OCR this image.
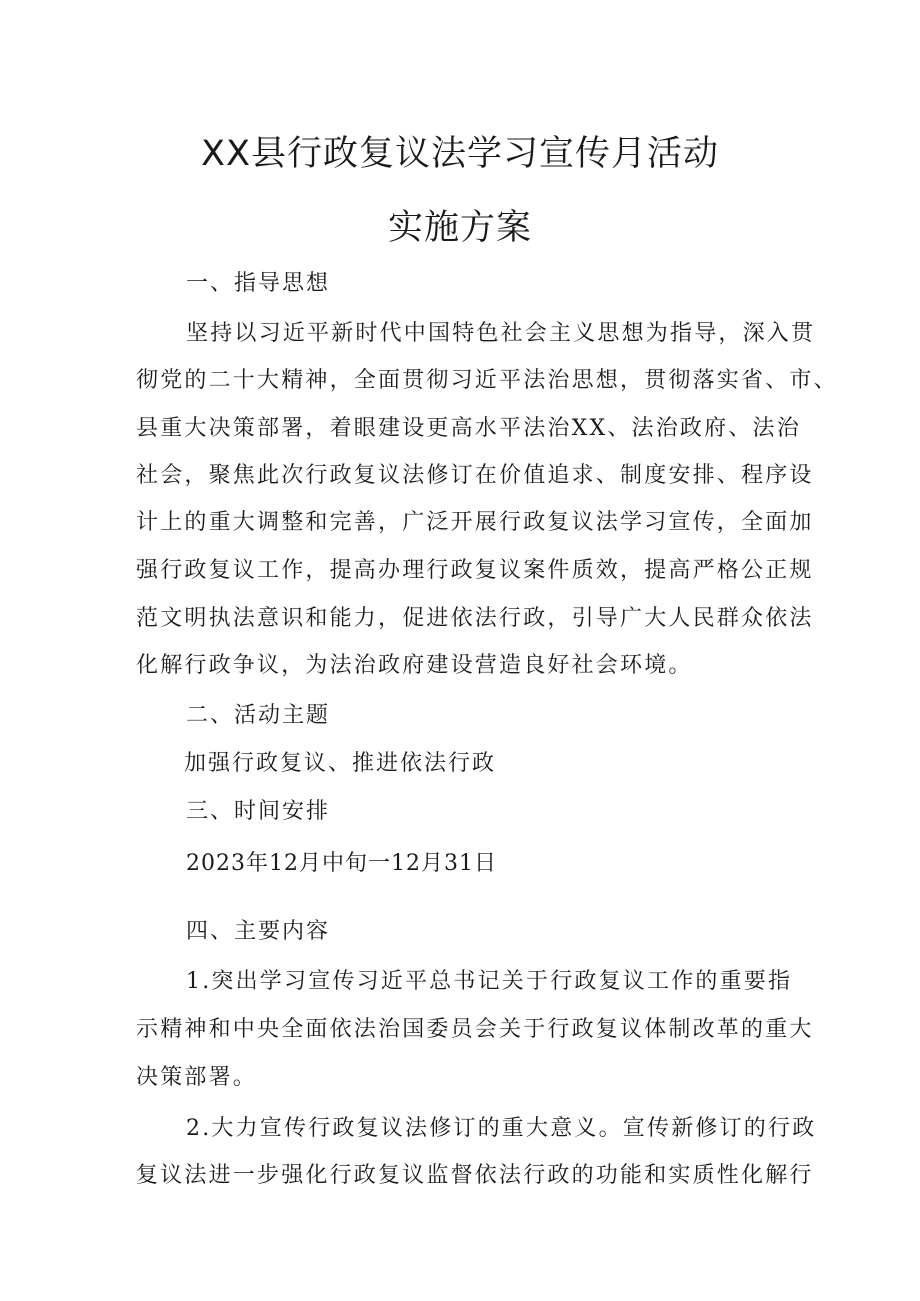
XX县行政复议法学习宣传月活动
实施方案
一、指导思想

坚持以习近平新时代中国特色社会主义思想为指导，深入贯

彻党的二十大精神，全面贯彻习近平法治思想，贯彻落实省、市、

县重大决策部署，着眼建设更高水平法治XX、法治政府、法治

社会，聚焦此次行政复议法修订在价值追求、制度安排、程序设

计上的重大调整和完善，广泛开展行政复议法学习宣传，全面加

强行政复议工作，提高办理行政复议案件质效，提高严格公正规

范文明执法意识和能力，促进依法行政，引导广大人民群众依法

化解行政争议，为法治政府建设营造良好社会环境。

二、活动主题

加强行政复议、推进依法行政

三、时间安排

2023年12月中旬一12月31日

四、主要内容

1.突出学习宣传习近平总书记关于行政复议工作的重要指

示精神和中央全面依法治国委员会关于行政复议体制改革的重大

决策部署。

2.大力宣传行政复议法修订的重大意义。宣传新修订的行政

复议法进一步强化行政复议监督依法行政的功能和实质性化解行
